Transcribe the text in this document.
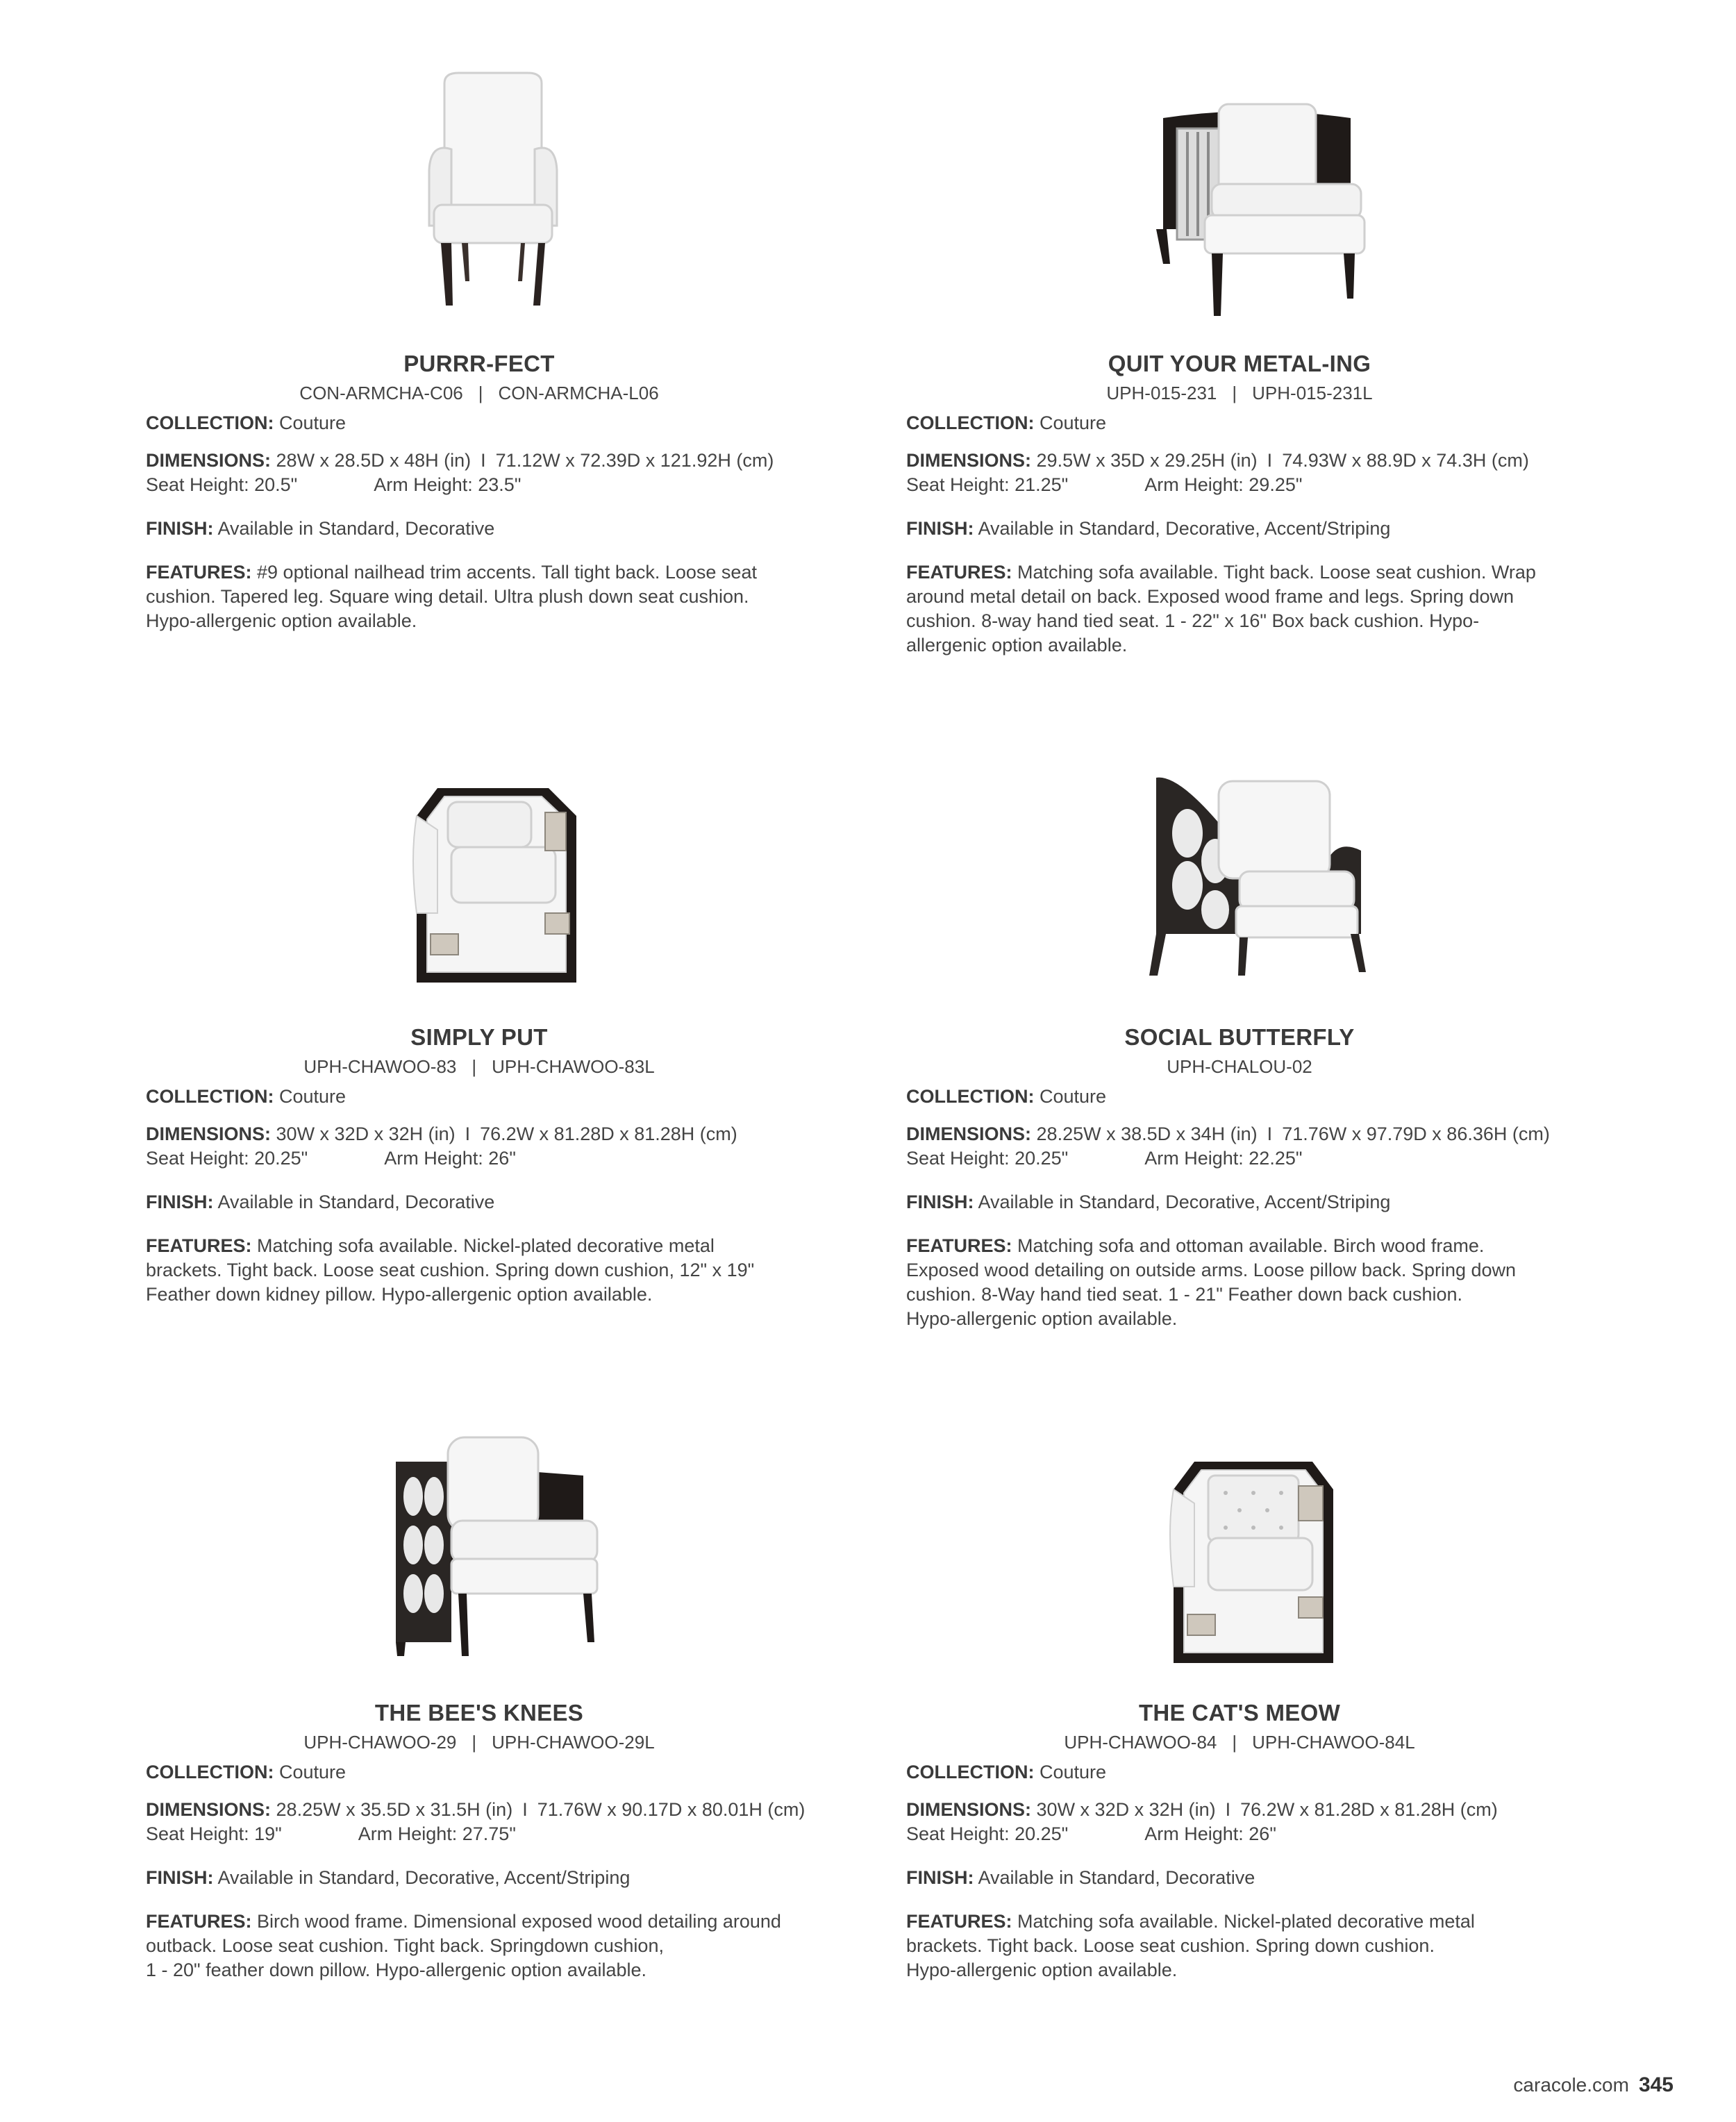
PURRR-FECT
CON-ARMCHA-C06 | CON-ARMCHA-L06
COLLECTION: Couture
DIMENSIONS: 28W x 28.5D x 48H (in) I 71.12W x 72.39D x 121.92H (cm)
Seat Height: 20.5"	Arm Height: 23.5"
FINISH: Available in Standard, Decorative
FEATURES: #9 optional nailhead trim accents. Tall tight back. Loose seat
cushion. Tapered leg. Square wing detail. Ultra plush down seat cushion.
Hypo-allergenic option available.
QUIT YOUR METAL-ING
UPH-015-231 | UPH-015-231L
COLLECTION: Couture
DIMENSIONS: 29.5W x 35D x 29.25H (in) I 74.93W x 88.9D x 74.3H (cm)
Seat Height: 21.25"	Arm Height: 29.25"
FINISH: Available in Standard, Decorative, Accent/Striping
FEATURES: Matching sofa available. Tight back. Loose seat cushion. Wrap
around metal detail on back. Exposed wood frame and legs. Spring down
cushion. 8-way hand tied seat. 1 - 22" x 16" Box back cushion. Hypo-
allergenic option available.
SIMPLY PUT
UPH-CHAWOO-83 | UPH-CHAWOO-83L
COLLECTION: Couture
DIMENSIONS: 30W x 32D x 32H (in) I 76.2W x 81.28D x 81.28H (cm)
Seat Height: 20.25"	Arm Height: 26"
FINISH: Available in Standard, Decorative
FEATURES: Matching sofa available. Nickel-plated decorative metal
brackets. Tight back. Loose seat cushion. Spring down cushion, 12" x 19"
Feather down kidney pillow. Hypo-allergenic option available.
SOCIAL BUTTERFLY
UPH-CHALOU-02
COLLECTION: Couture
DIMENSIONS: 28.25W x 38.5D x 34H (in) I 71.76W x 97.79D x 86.36H (cm)
Seat Height: 20.25"	Arm Height: 22.25"
FINISH: Available in Standard, Decorative, Accent/Striping
FEATURES: Matching sofa and ottoman available. Birch wood frame.
Exposed wood detailing on outside arms. Loose pillow back. Spring down
cushion. 8-Way hand tied seat. 1 - 21" Feather down back cushion.
Hypo-allergenic option available.
THE BEE'S KNEES
UPH-CHAWOO-29 | UPH-CHAWOO-29L
COLLECTION: Couture
DIMENSIONS: 28.25W x 35.5D x 31.5H (in) I 71.76W x 90.17D x 80.01H (cm)
Seat Height: 19"	Arm Height: 27.75"
FINISH: Available in Standard, Decorative, Accent/Striping
FEATURES: Birch wood frame. Dimensional exposed wood detailing around
outback. Loose seat cushion. Tight back. Springdown cushion,
1 - 20" feather down pillow. Hypo-allergenic option available.
THE CAT'S MEOW
UPH-CHAWOO-84 | UPH-CHAWOO-84L
COLLECTION: Couture
DIMENSIONS: 30W x 32D x 32H (in) I 76.2W x 81.28D x 81.28H (cm)
Seat Height: 20.25"	Arm Height: 26"
FINISH: Available in Standard, Decorative
FEATURES: Matching sofa available. Nickel-plated decorative metal
brackets. Tight back. Loose seat cushion. Spring down cushion.
Hypo-allergenic option available.
caracole.com 345
